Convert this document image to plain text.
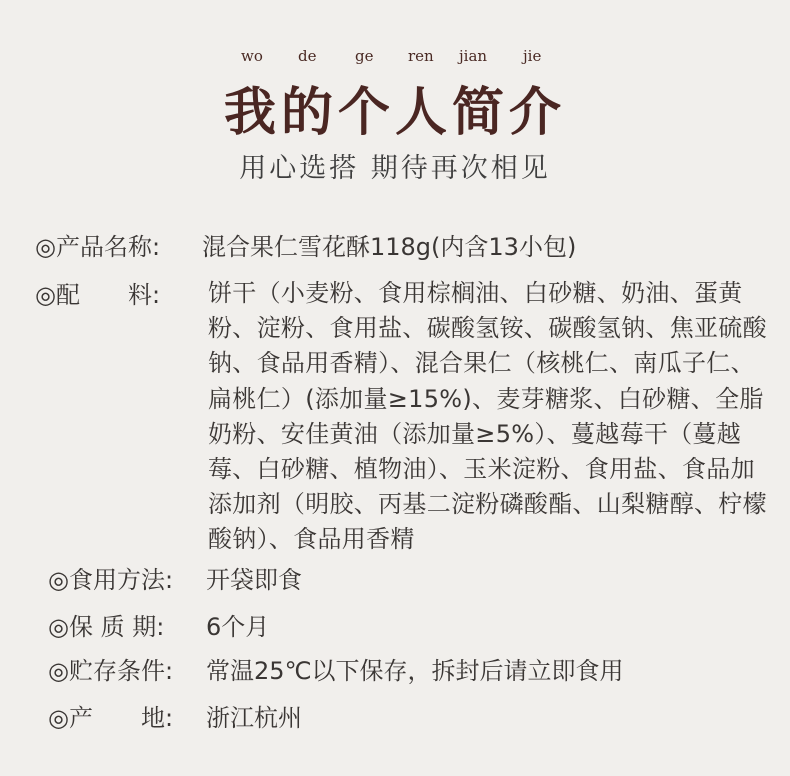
wo de	ge ren jian jie
我的个人简介
用心选搭 期待再次相见
◎产品名称: 混合果仁雪花酥118g(内含13小包)
◎配　　料: 饼干（小麦粉、食用棕榈油、白砂糖、奶油、蛋黄粉、淀粉、食用盐、碳酸氢铵、碳酸氢钠、焦亚硫酸钠、食品用香精）、混合果仁（核桃仁、南瓜子仁、扁桃仁）(添加量≥15%)、麦芽糖浆、白砂糖、全脂奶粉、安佳黄油（添加量≥5%）、蔓越莓干（蔓越莓、白砂糖、植物油）、玉米淀粉、食用盐、食品加添加剂（明胶、丙基二淀粉磷酸酯、山梨糖醇、柠檬酸钠）、食品用香精
◎食用方法: 开袋即食
◎保 质 期: 6个月
◎贮存条件: 常温25℃以下保存，拆封后请立即食用
◎产　　地: 浙江杭州
